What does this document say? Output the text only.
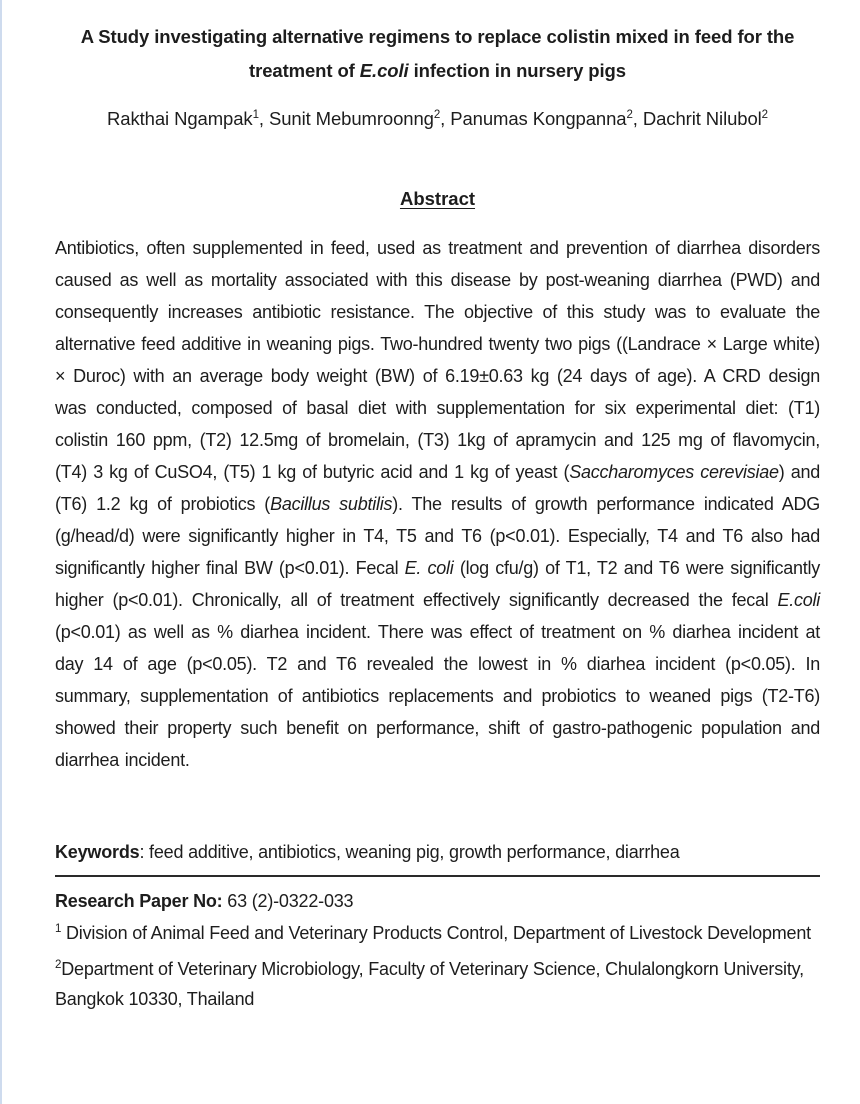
A Study investigating alternative regimens to replace colistin mixed in feed for the treatment of E.coli infection in nursery pigs
Rakthai Ngampak$^1$, Sunit Mebumroonng$^2$, Panumas Kongpanna$^2$, Dachrit Nilubol$^2$
Abstract

Antibiotics, often supplemented in feed, used as treatment and prevention of diarrhea disorders caused as well as mortality associated with this disease by post-weaning diarrhea (PWD) and consequently increases antibiotic resistance. The objective of this study was to evaluate the alternative feed additive in weaning pigs. Two-hundred twenty two pigs ((Landrace × Large white) × Duroc) with an average body weight (BW) of 6.19±0.63 kg (24 days of age). A CRD design was conducted, composed of basal diet with supplementation for six experimental diet: (T1) colistin 160 ppm, (T2) 12.5mg of bromelain, (T3) 1kg of apramycin and 125 mg of flavomycin, (T4) 3 kg of CuSO4, (T5) 1 kg of butyric acid and 1 kg of yeast (Saccharomyces cerevisiae) and (T6) 1.2 kg of probiotics (Bacillus subtilis). The results of growth performance indicated ADG (g/head/d) were significantly higher in T4, T5 and T6 (p<0.01). Especially, T4 and T6 also had significantly higher final BW (p<0.01). Fecal E. coli (log cfu/g) of T1, T2 and T6 were significantly higher (p<0.01). Chronically, all of treatment effectively significantly decreased the fecal E.coli (p<0.01) as well as % diarhea incident. There was effect of treatment on % diarhea incident at day 14 of age (p<0.05). T2 and T6 revealed the lowest in % diarhea incident (p<0.05). In summary, supplementation of antibiotics replacements and probiotics to weaned pigs (T2-T6) showed their property such benefit on performance, shift of gastro-pathogenic population and diarrhea incident.

Keywords: feed additive, antibiotics, weaning pig, growth performance, diarrhea
Research Paper No: 63 (2)-0322-033
$^1$ Division of Animal Feed and Veterinary Products Control, Department of Livestock Development
$^2$Department of Veterinary Microbiology, Faculty of Veterinary Science, Chulalongkorn University, Bangkok 10330, Thailand
